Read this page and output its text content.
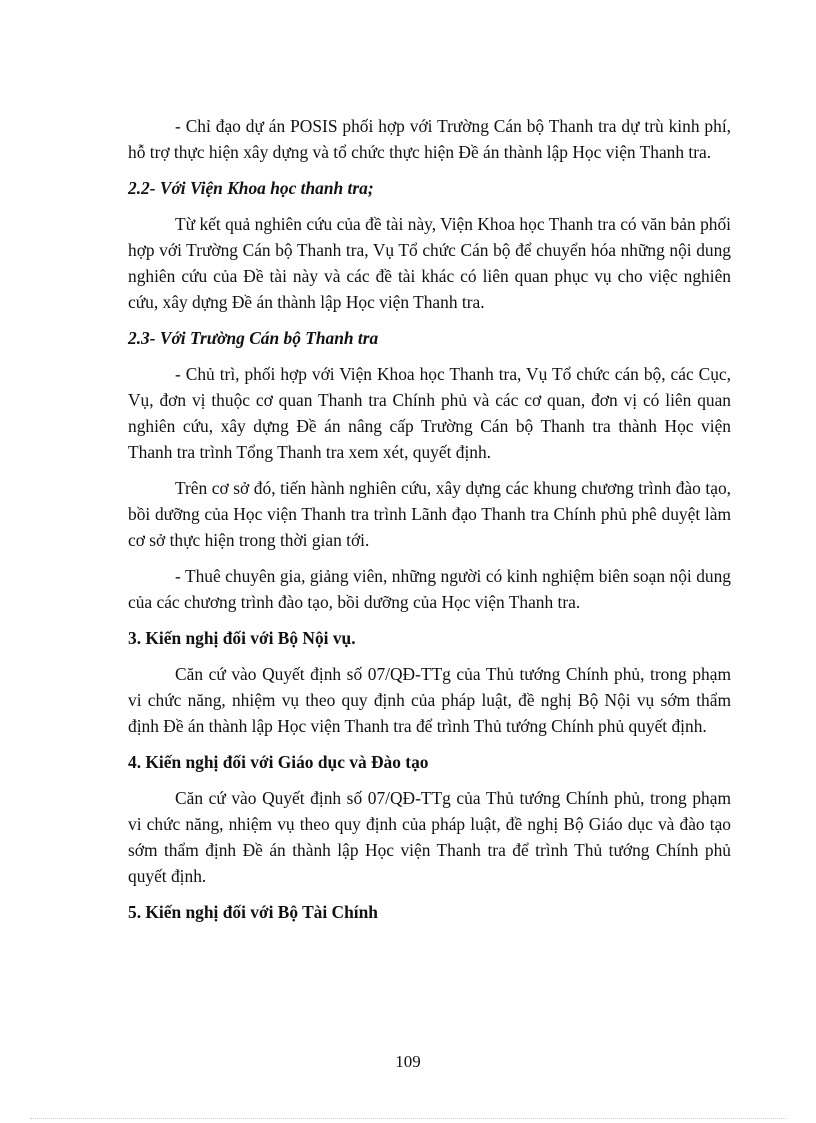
- Chỉ đạo dự án POSIS phối hợp với Trường Cán bộ Thanh tra dự trù kinh phí, hỗ trợ thực hiện xây dựng và tổ chức thực hiện Đề án thành lập Học viện Thanh tra.

2.2- Với Viện Khoa học thanh tra;

Từ kết quả nghiên cứu của đề tài này, Viện Khoa học Thanh tra có văn bản phối hợp với Trường Cán bộ Thanh tra, Vụ Tổ chức Cán bộ để chuyển hóa những nội dung nghiên cứu của Đề tài này và các đề tài khác có liên quan phục vụ cho việc nghiên cứu, xây dựng Đề án thành lập Học viện Thanh tra.

2.3- Với Trường Cán bộ Thanh tra

- Chủ trì, phối hợp với Viện Khoa học Thanh tra, Vụ Tổ chức cán bộ, các Cục, Vụ, đơn vị thuộc cơ quan Thanh tra Chính phủ và các cơ quan, đơn vị có liên quan nghiên cứu, xây dựng Đề án nâng cấp Trường Cán bộ Thanh tra thành Học viện Thanh tra trình Tổng Thanh tra xem xét, quyết định.

Trên cơ sở đó, tiến hành nghiên cứu, xây dựng các khung chương trình đào tạo, bồi dưỡng của Học viện Thanh tra trình Lãnh đạo Thanh tra Chính phủ phê duyệt làm cơ sở thực hiện trong thời gian tới.

- Thuê chuyên gia, giảng viên, những người có kinh nghiệm biên soạn nội dung của các chương trình đào tạo, bồi dưỡng của Học viện Thanh tra.

3. Kiến nghị đối với Bộ Nội vụ.

Căn cứ vào Quyết định số 07/QĐ-TTg của Thủ tướng Chính phủ, trong phạm vi chức năng, nhiệm vụ theo quy định của pháp luật, đề nghị Bộ Nội vụ sớm thẩm định Đề án thành lập Học viện Thanh tra để trình Thủ tướng Chính phủ quyết định.

4. Kiến nghị đối với Giáo dục và Đào tạo

Căn cứ vào Quyết định số 07/QĐ-TTg của Thủ tướng Chính phủ, trong phạm vi chức năng, nhiệm vụ theo quy định của pháp luật, đề nghị Bộ Giáo dục và đào tạo sớm thẩm định Đề án thành lập Học viện Thanh tra để trình Thủ tướng Chính phủ quyết định.

5. Kiến nghị đối với Bộ Tài Chính

109
